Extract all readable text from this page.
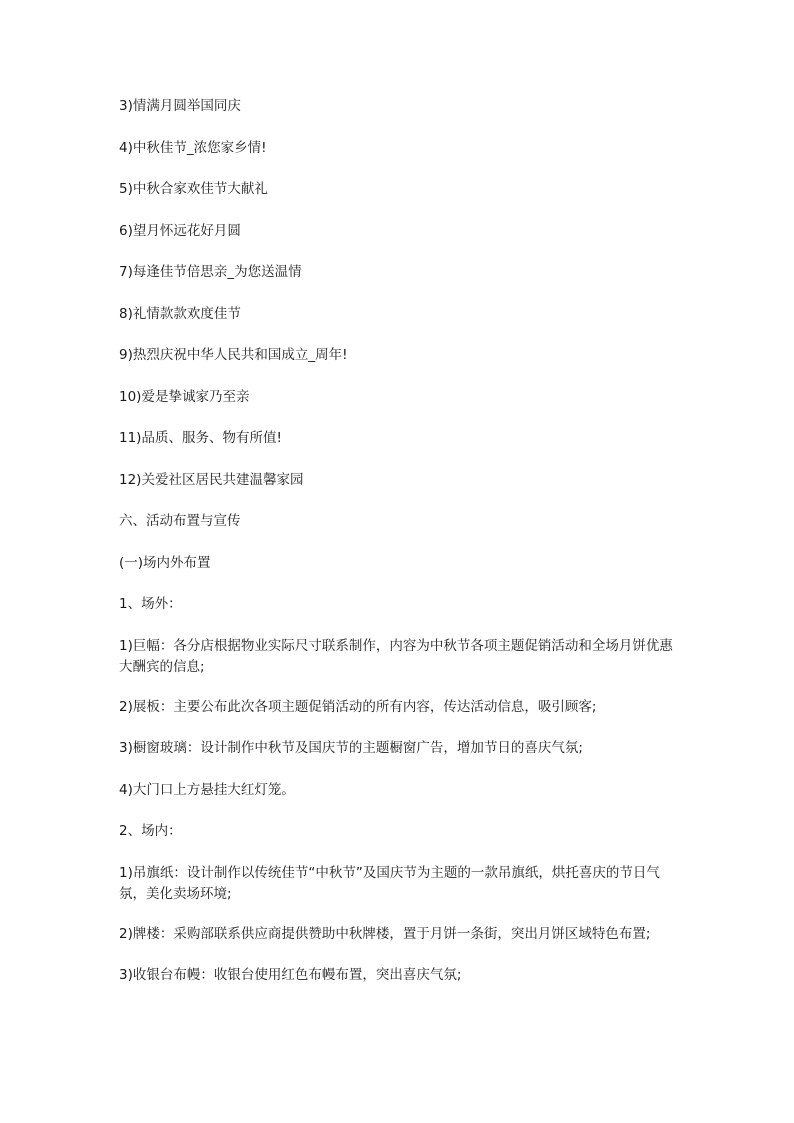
3)情满月圆举国同庆

4)中秋佳节_浓您家乡情!

5)中秋合家欢佳节大献礼

6)望月怀远花好月圆

7)每逢佳节倍思亲_为您送温情

8)礼情款款欢度佳节

9)热烈庆祝中华人民共和国成立_周年!

10)爱是挚诚家乃至亲

11)品质、服务、物有所值!

12)关爱社区居民共建温馨家园

六、活动布置与宣传

(一)场内外布置

1、场外：

1)巨幅：各分店根据物业实际尺寸联系制作，内容为中秋节各项主题促销活动和全场月饼优惠大酬宾的信息;

2)展板：主要公布此次各项主题促销活动的所有内容，传达活动信息，吸引顾客;

3)橱窗玻璃：设计制作中秋节及国庆节的主题橱窗广告，增加节日的喜庆气氛;

4)大门口上方悬挂大红灯笼。

2、场内：

1)吊旗纸：设计制作以传统佳节“中秋节”及国庆节为主题的一款吊旗纸，烘托喜庆的节日气氛，美化卖场环境;

2)牌楼：采购部联系供应商提供赞助中秋牌楼，置于月饼一条街，突出月饼区域特色布置;

3)收银台布幔：收银台使用红色布幔布置，突出喜庆气氛;
